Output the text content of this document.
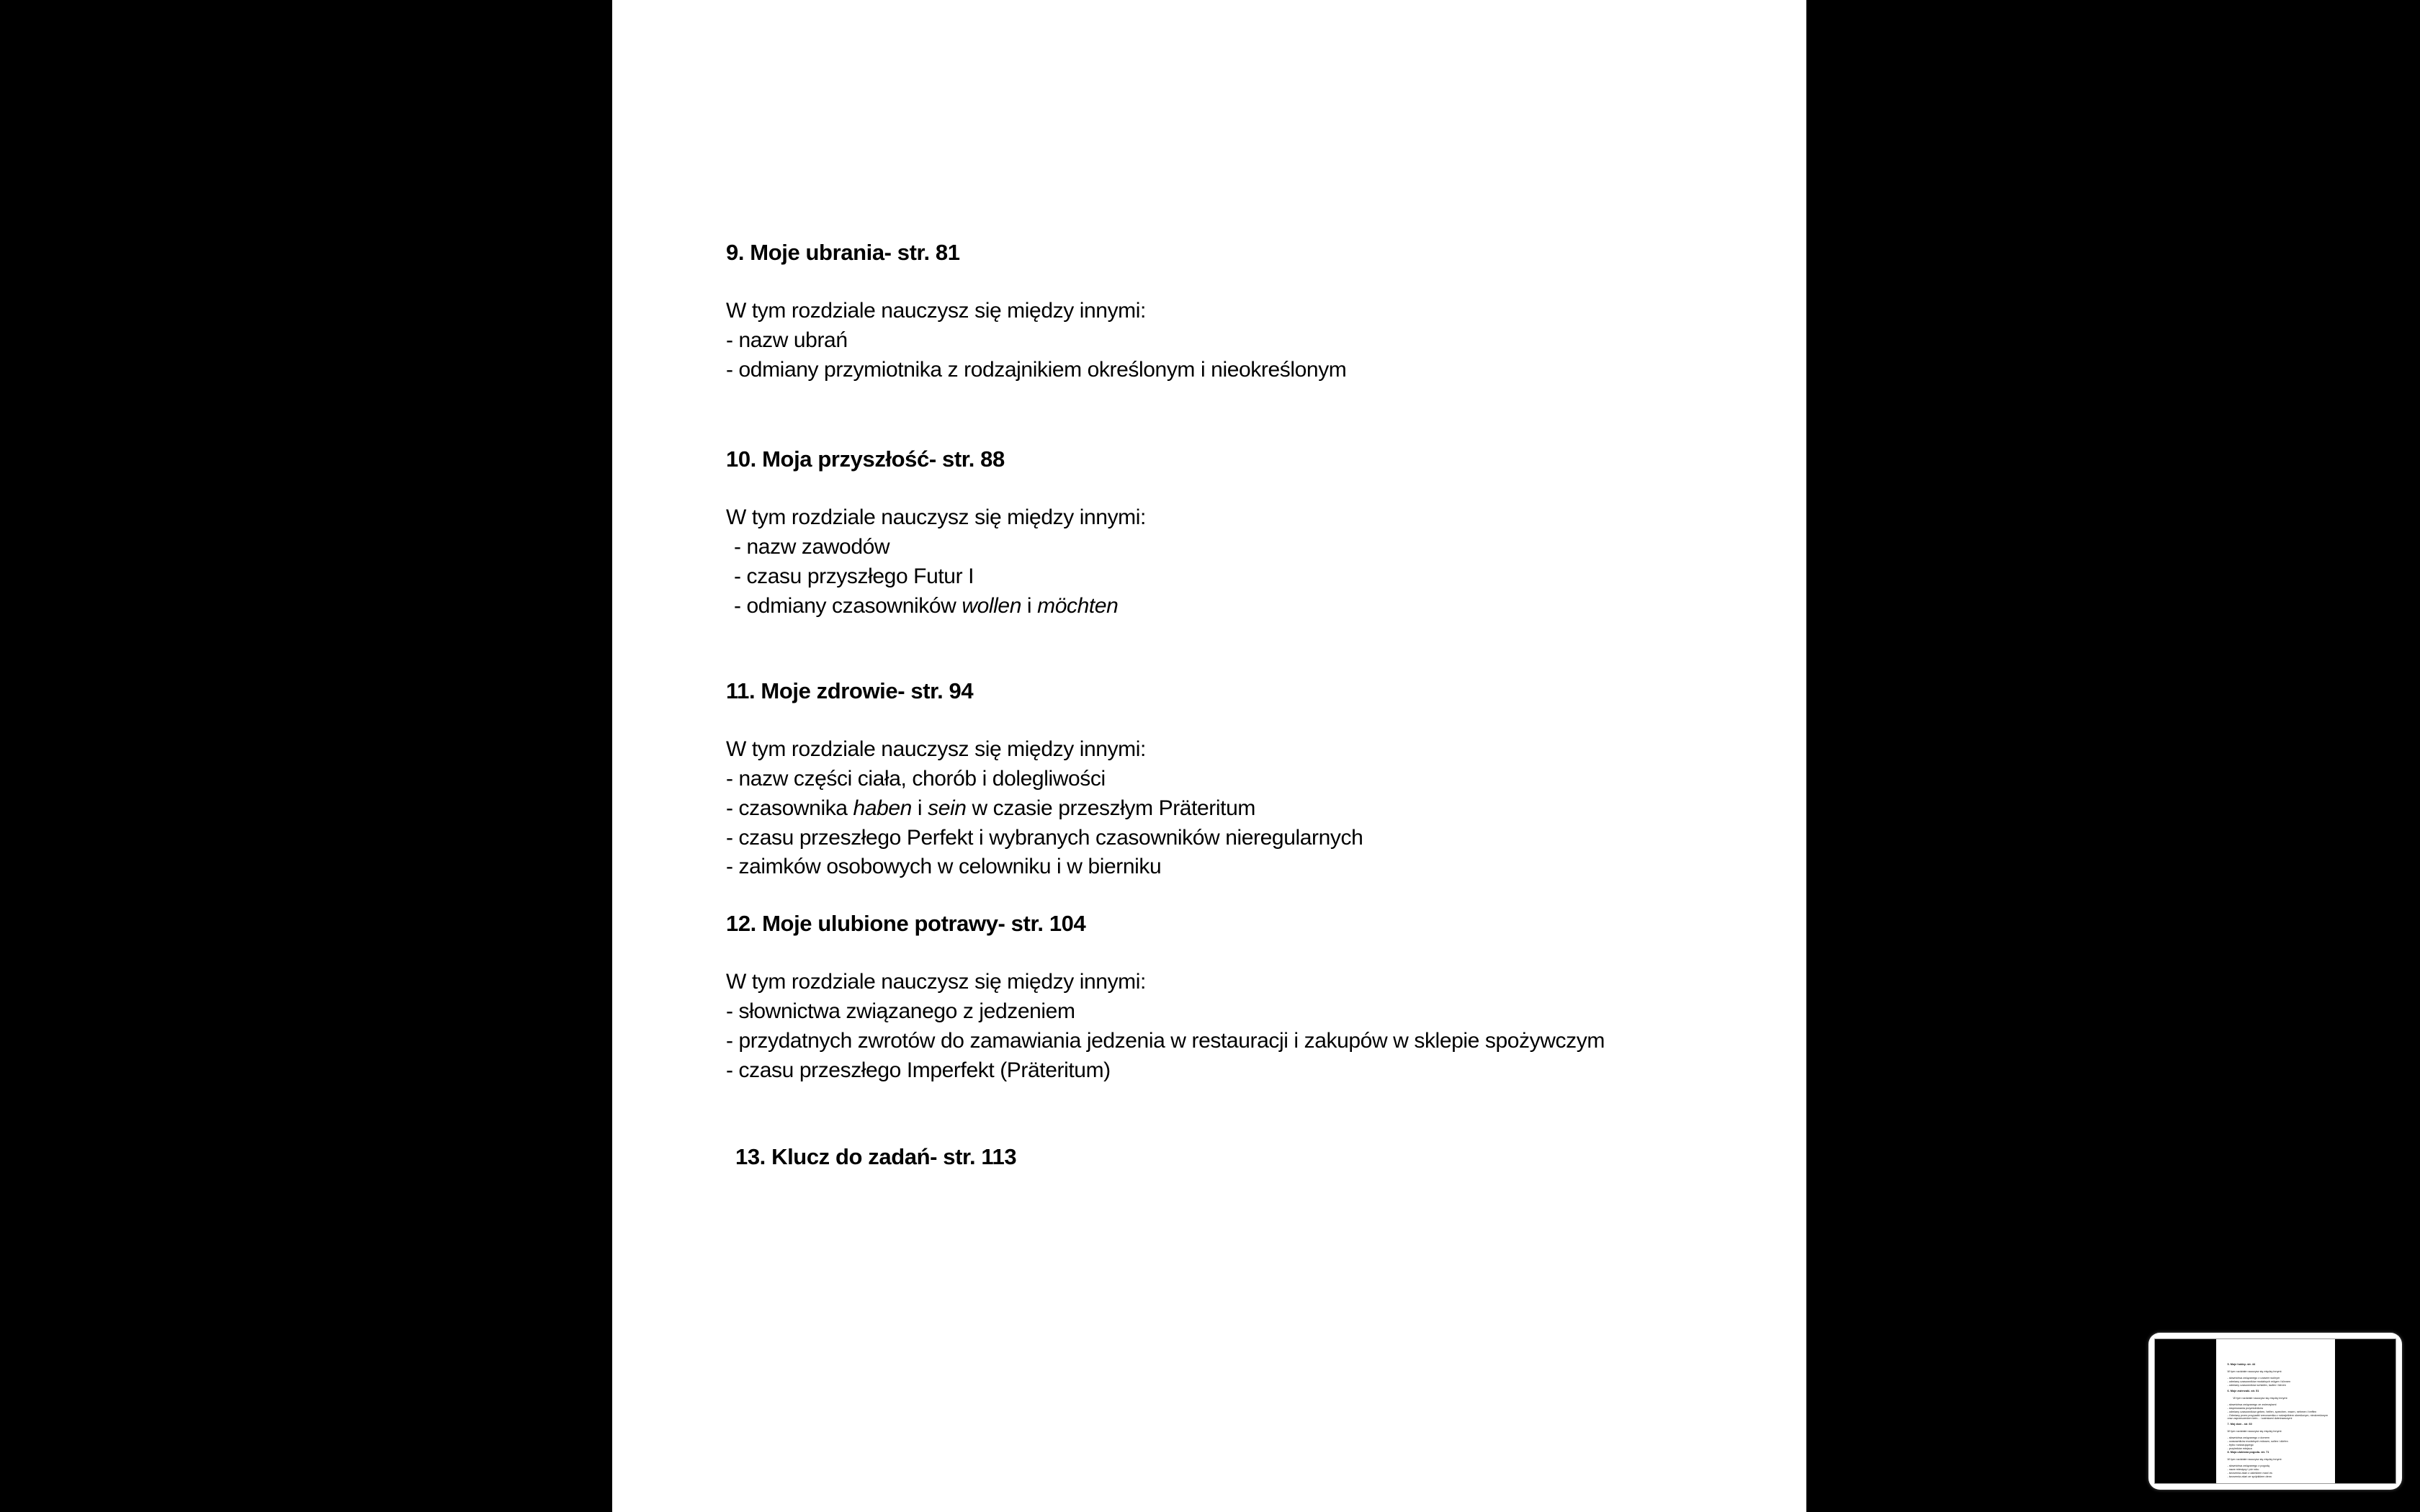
9. Moje ubrania- str. 81
W tym rozdziale nauczysz się między innymi:
- nazw ubrań
- odmiany przymiotnika z rodzajnikiem określonym i nieokreślonym
10. Moja przyszłość- str. 88
W tym rozdziale nauczysz się między innymi:
- nazw zawodów
- czasu przyszłego Futur I
- odmiany czasowników wollen i möchten
11. Moje zdrowie- str. 94
W tym rozdziale nauczysz się między innymi:
- nazw części ciała, chorób i dolegliwości
- czasownika haben i sein w czasie przeszłym Präteritum
- czasu przeszłego Perfekt i wybranych czasowników nieregularnych
- zaimków osobowych w celowniku i w bierniku
12. Moje ulubione potrawy- str. 104
W tym rozdziale nauczysz się między innymi:
- słownictwa związanego z jedzeniem
- przydatnych zwrotów do zamawiania jedzenia w restauracji i zakupów w sklepie spożywczym
- czasu przeszłego Imperfekt (Präteritum)
13. Klucz do zadań- str. 113
5. Moje hobby- str. 44
W tym rozdziale nauczysz się między innymi:
- słownictwa związanego z czasem wolnym
- odmiany czasowników modalnych mögen i können
- odmiany czasowników schlafen, laufen i fahren
6. Moje zwierzaki- str. 51
W tym rozdziale nauczysz się między innymi:
- słownictwa związanego ze zwierzętami
- stopniowania przymiotników
- odmiany czasowników geben, helfen, sprechen, essen, nehmen i treffen
- Odmiany przez przypadki rzeczownika z rodzajnikiem określonym, nieokreślonym oraz zaprzeczeniem kein... i zaimkami dzierżawczymi
7. Mój dom - str. 60
W tym rozdziale nauczysz się między innymi:
- słownictwa związanego z domem
- czasowników modalnych müssen, sollen i dürfen
- trybu rozkazującego
- przyimków miejsca
8. Moja ulubiona pogoda- str. 71
W tym rozdziale nauczysz się między innymi:
- słownictwa związanego z pogodą
- nazw miesięcy i pór roku
- tworzenia zdań z zaimkiem man/ es
- tworzenia zdań ze spójnikiem denn
